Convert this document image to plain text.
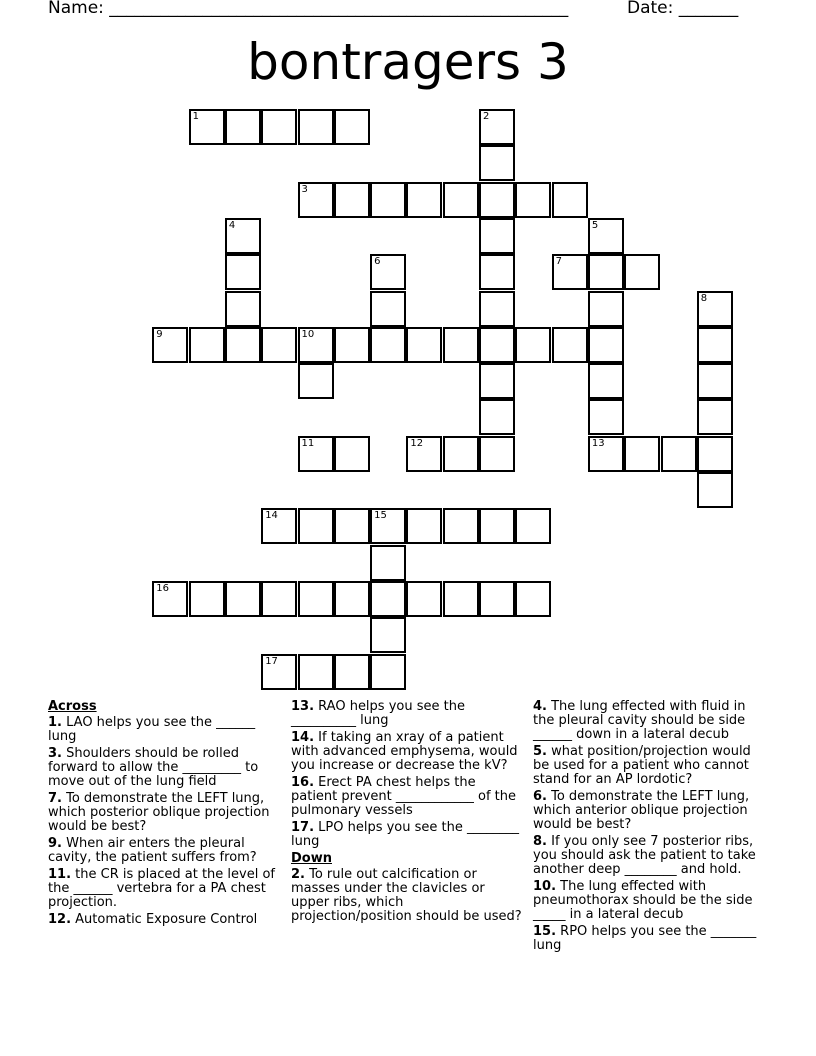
Name: ______________________________________________________	Date: _______
bontragers 3
1	2
3
4	5
6	7
8
9	10
11	12	13
14	15
16
17
Across
1. LAO helps you see the ______ lung
3. Shoulders should be rolled forward to allow the _________ to move out of the lung field
7. To demonstrate the LEFT lung, which posterior oblique projection would be best?
9. When air enters the pleural cavity, the patient suffers from?
11. the CR is placed at the level of the ______ vertebra for a PA chest projection.
12. Automatic Exposure Control
13. RAO helps you see the __________ lung
14. If taking an xray of a patient with advanced emphysema, would you increase or decrease the kV?
16. Erect PA chest helps the patient prevent ____________ of the pulmonary vessels
17. LPO helps you see the ________ lung
Down
2. To rule out calcification or masses under the clavicles or upper ribs, which projection/position should be used?
4. The lung effected with fluid in the pleural cavity should be side ______ down in a lateral decub
5. what position/projection would be used for a patient who cannot stand for an AP lordotic?
6. To demonstrate the LEFT lung, which anterior oblique projection would be best?
8. If you only see 7 posterior ribs, you should ask the patient to take another deep ________ and hold.
10. The lung effected with pneumothorax should be the side _____ in a lateral decub
15. RPO helps you see the _______ lung
